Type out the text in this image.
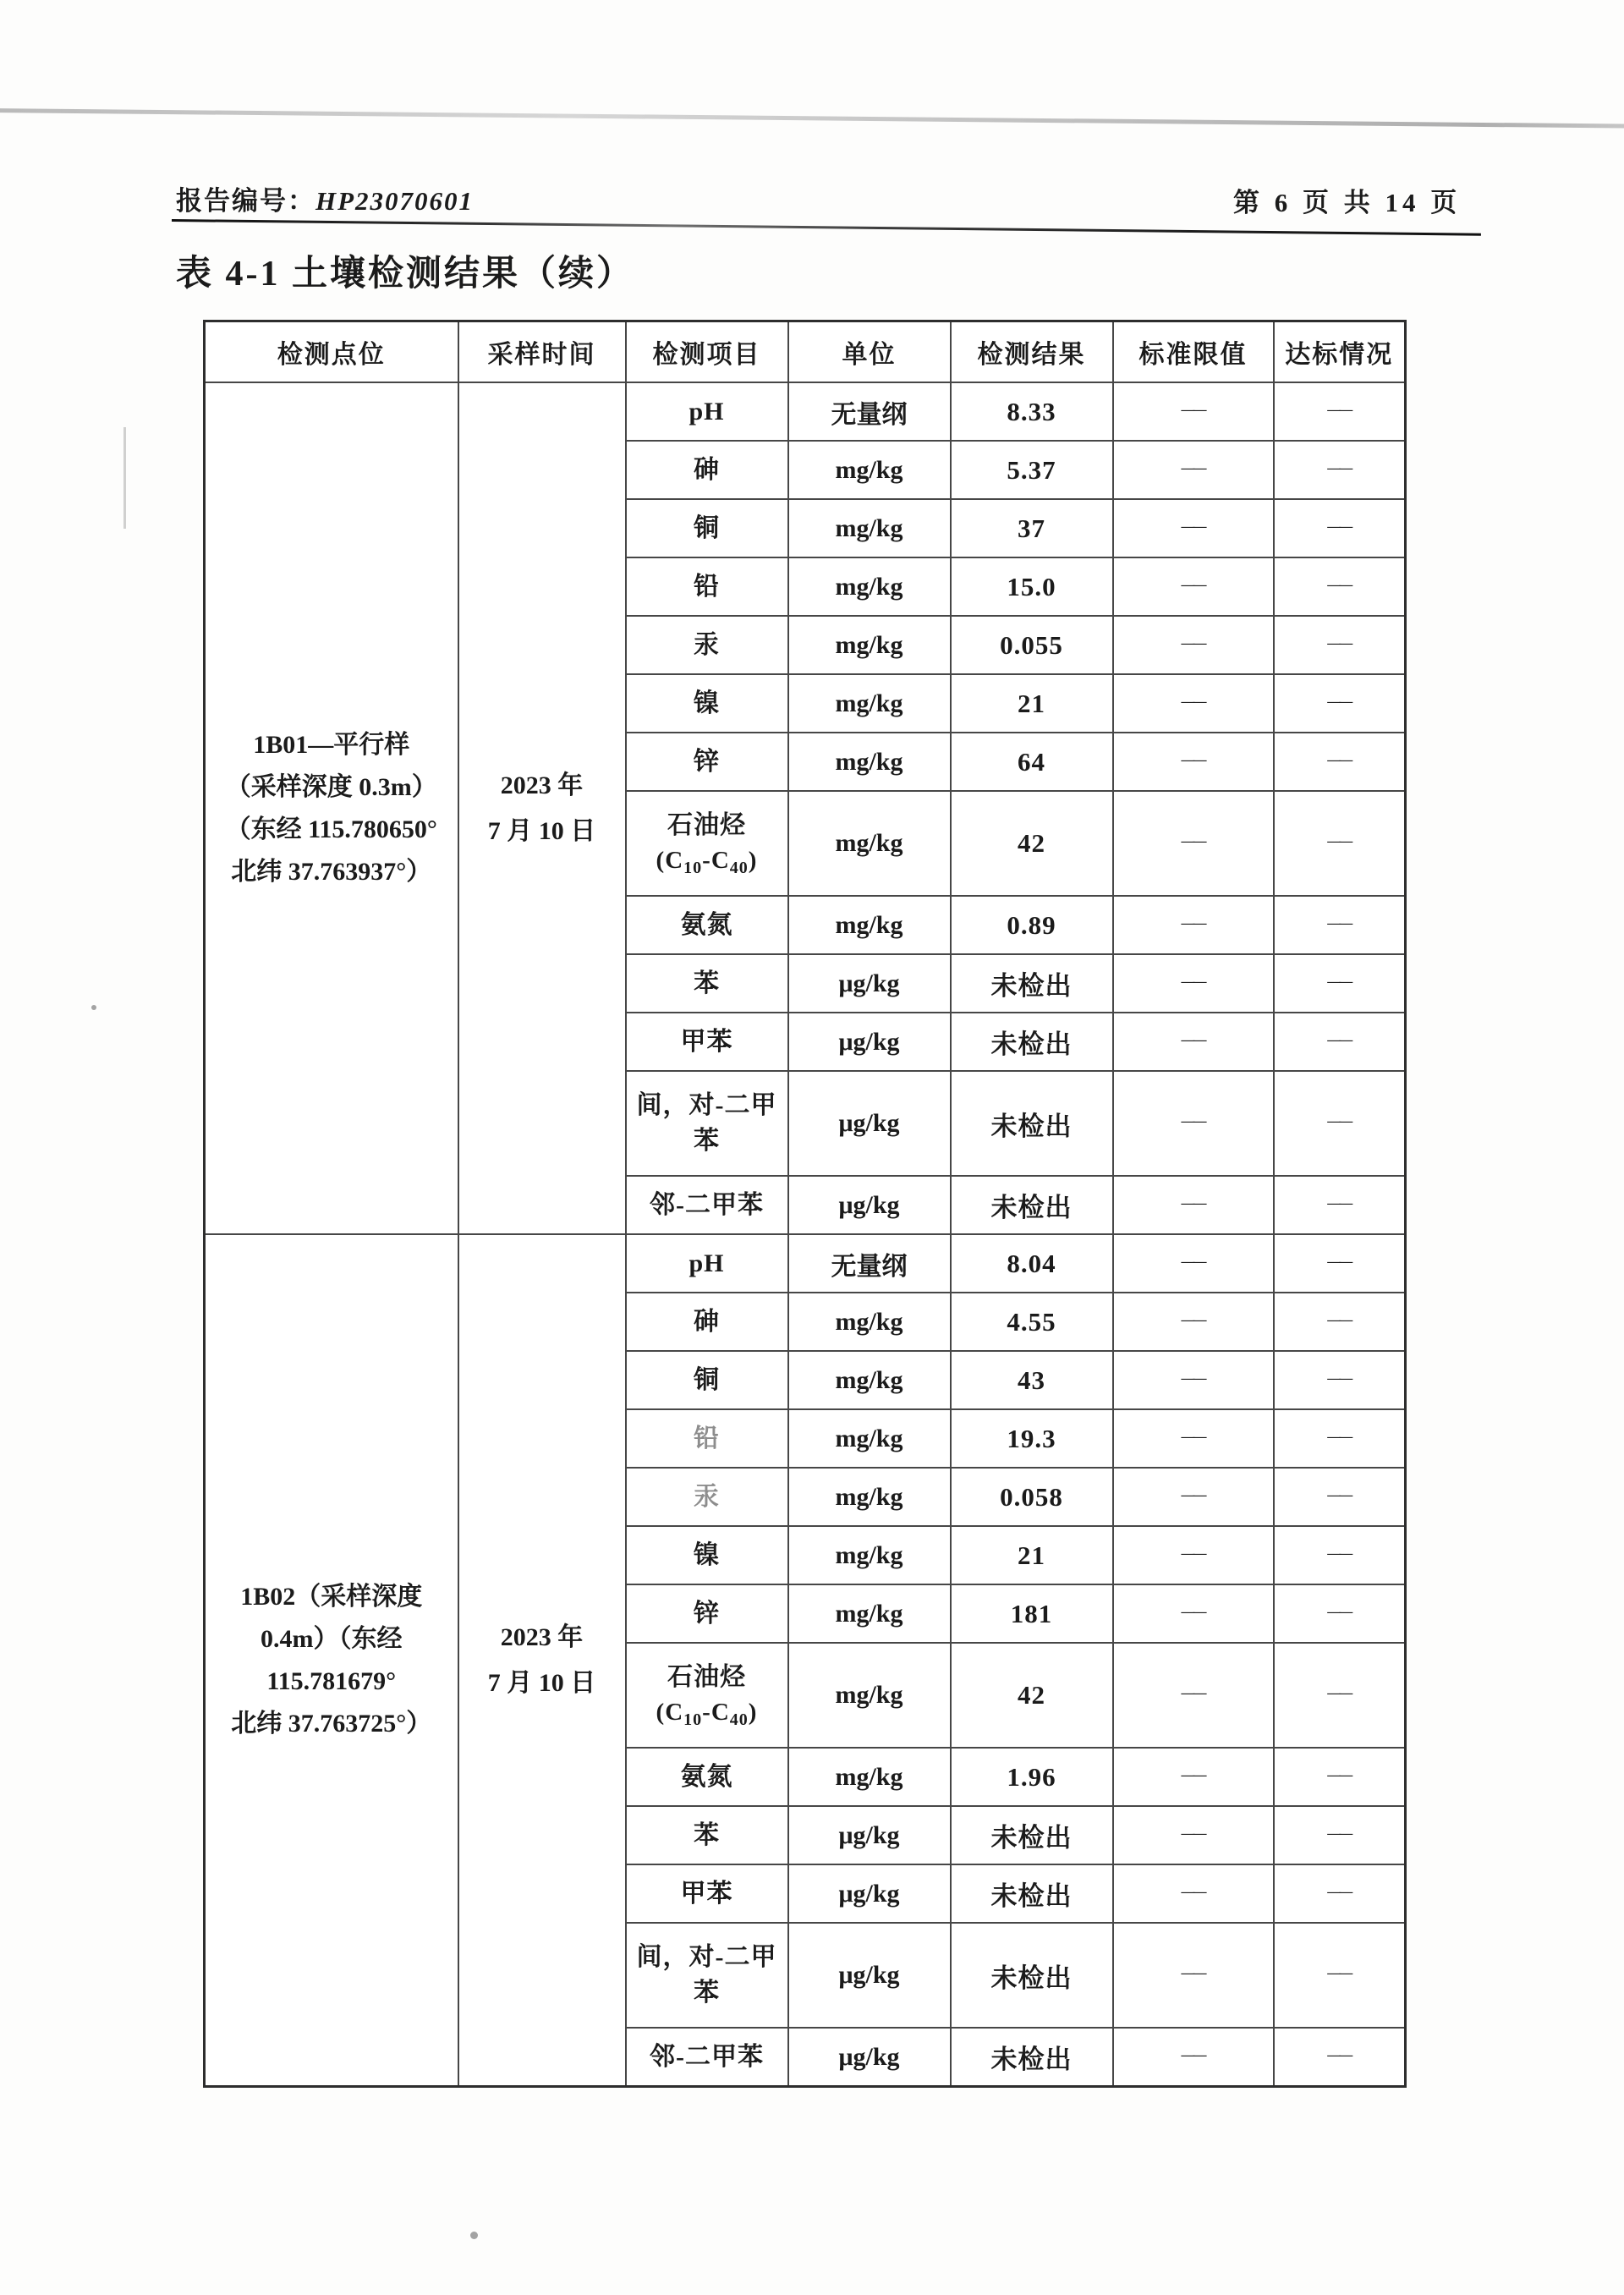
报告编号：HP23070601	第 6 页 共 14 页
表 4-1 土壤检测结果（续）
检测点位	采样时间	检测项目	单位	检测结果	标准限值	达标情况

1B01—平行样
（采样深度 0.3m）
（东经 115.780650°
北纬 37.763937°）

2023 年
7 月 10 日
	pH	无量纲	8.33	——	——
		砷	mg/kg	5.37	——	——
		铜	mg/kg	37	——	——
		铅	mg/kg	15.0	——	——
		汞	mg/kg	0.055	——	——
		镍	mg/kg	21	——	——
		锌	mg/kg	64	——	——

		石油烃
$(C_{10}-C_{40})$	mg/kg	42	——	——
		氨氮	mg/kg	0.89	——	——
		苯	μg/kg	未检出	——	——
		甲苯	μg/kg	未检出	——	——
		间，对-二甲苯	μg/kg	未检出	——	——
		邻-二甲苯	μg/kg	未检出	——	——

1B02（采样深度
0.4m）（东经
115.781679°
北纬 37.763725°）

2023 年
7 月 10 日
	pH	无量纲	8.04	——	——
		砷	mg/kg	4.55	——	——
		铜	mg/kg	43	——	——
		铅	mg/kg	19.3	——	——
		汞	mg/kg	0.058	——	——
		镍	mg/kg	21	——	——
		锌	mg/kg	181	——	——

		石油烃
$(C_{10}-C_{40})$	mg/kg	42	——	——
		氨氮	mg/kg	1.96	——	——
		苯	μg/kg	未检出	——	——
		甲苯	μg/kg	未检出	——	——
		间，对-二甲苯	μg/kg	未检出	——	——
		邻-二甲苯	μg/kg	未检出	——	——
